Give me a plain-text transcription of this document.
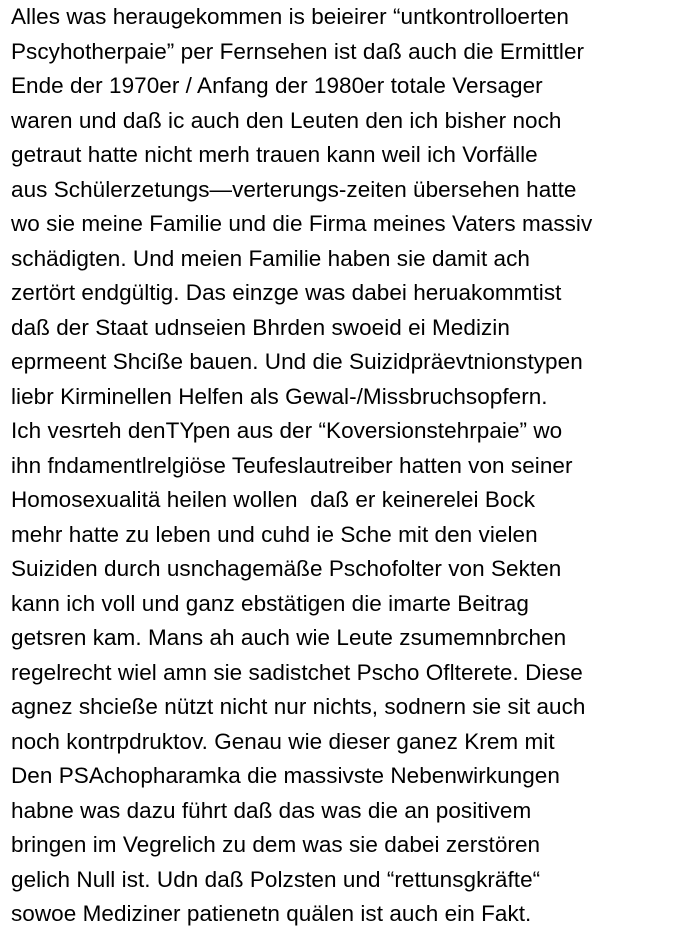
Alles was heraugekommen is beieirer “untkontrolloerten
Pscyhotherpaie” per Fernsehen ist daß auch die Ermittler
Ende der 1970er / Anfang der 1980er totale Versager
waren und daß ic auch den Leuten den ich bisher noch
getraut hatte nicht merh trauen kann weil ich Vorfälle
aus Schülerzetungs—verterungs-zeiten übersehen hatte
wo sie meine Familie und die Firma meines Vaters massiv
schädigten. Und meien Familie haben sie damit ach
zertört endgültig. Das einzge was dabei heruakommtist
daß der Staat udnseien Bhrden swoeid ei Medizin
eprmeent Shcißе bauen. Und die Suizidpräevtnionstypen
liebr Kirminellen Helfen als Gewal-/Missbruchsopfern.
Ich vesrteh denTYpen aus der “Koversionstehrpaie” wo
ihn fndamentlrelgiöse Teufeslautreiber hatten von seiner
Homosexualitä heilen wollen  daß er keinerelei Bock
mehr hatte zu leben und cuhd ie Sche mit den vielen
Suiziden durch usnchagemäße Pschofolter von Sekten
kann ich voll und ganz ebstätigen die imarte Beitrag
getsren kam. Mans ah auch wie Leute zsumemnbrchen
regelrecht wiel amn sie sadistchet Pscho Oflterete. Diese
agnez shcieße nützt nicht nur nichts, sodnern sie sit auch
noch kontrpdruktov. Genau wie dieser ganez Krem mit
Den PSAchopharamka die massivste Nebenwirkungen
habne was dazu führt daß das was die an positivem
bringen im Vegrelich zu dem was sie dabei zerstören
gelich Null ist. Udn daß Polzsten und “rettunsgkräfte“
sowoe Mediziner patienetn quälen ist auch ein Fakt.
